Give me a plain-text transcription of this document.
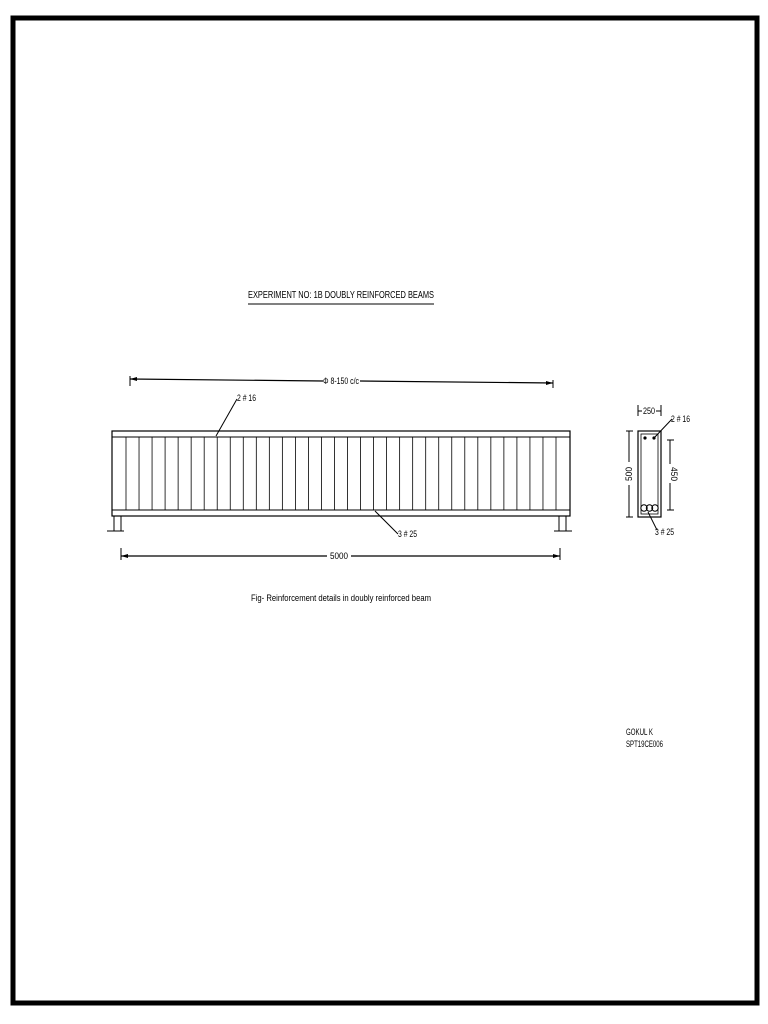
EXPERIMENT NO: 1B DOUBLY REINFORCED BEAMS
Φ 8-150 c/c
2 # 16
3 # 25
5000
250
2 # 16
500	450
3 # 25
Fig- Reinforcement details in doubly reinforced beam
GOKUL K
SPT19CE006
